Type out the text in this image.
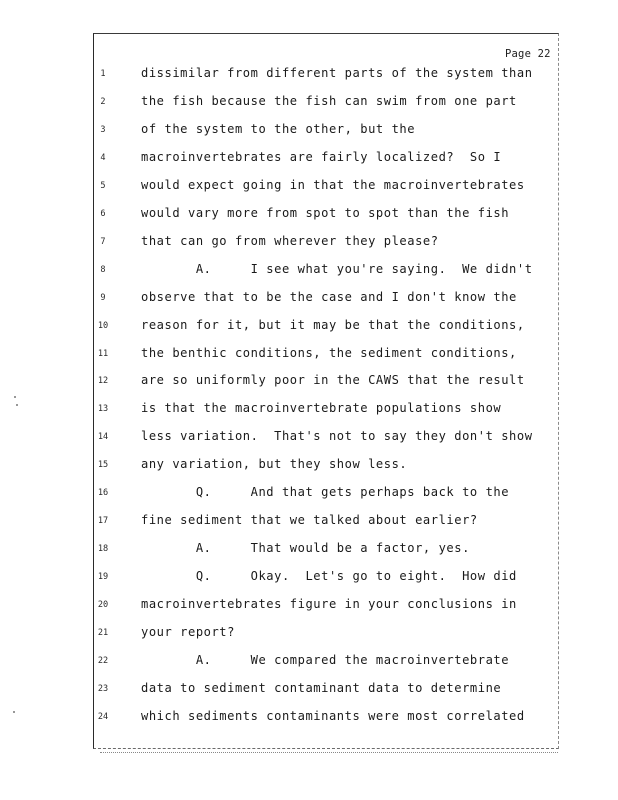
Page 22
1	dissimilar from different parts of the system than
2	the fish because the fish can swim from one part
3	of the system to the other, but the
4	macroinvertebrates are fairly localized?  So I
5	would expect going in that the macroinvertebrates
6	would vary more from spot to spot than the fish
7	that can go from wherever they please?
8	A.     I see what you're saying.  We didn't
9	observe that to be the case and I don't know the
10	reason for it, but it may be that the conditions,
11	the benthic conditions, the sediment conditions,
12	are so uniformly poor in the CAWS that the result
13	is that the macroinvertebrate populations show
14	less variation.  That's not to say they don't show
15	any variation, but they show less.
16	Q.     And that gets perhaps back to the
17	fine sediment that we talked about earlier?
18	A.     That would be a factor, yes.
19	Q.     Okay.  Let's go to eight.  How did
20	macroinvertebrates figure in your conclusions in
21	your report?
22	A.     We compared the macroinvertebrate
23	data to sediment contaminant data to determine
24	which sediments contaminants were most correlated
